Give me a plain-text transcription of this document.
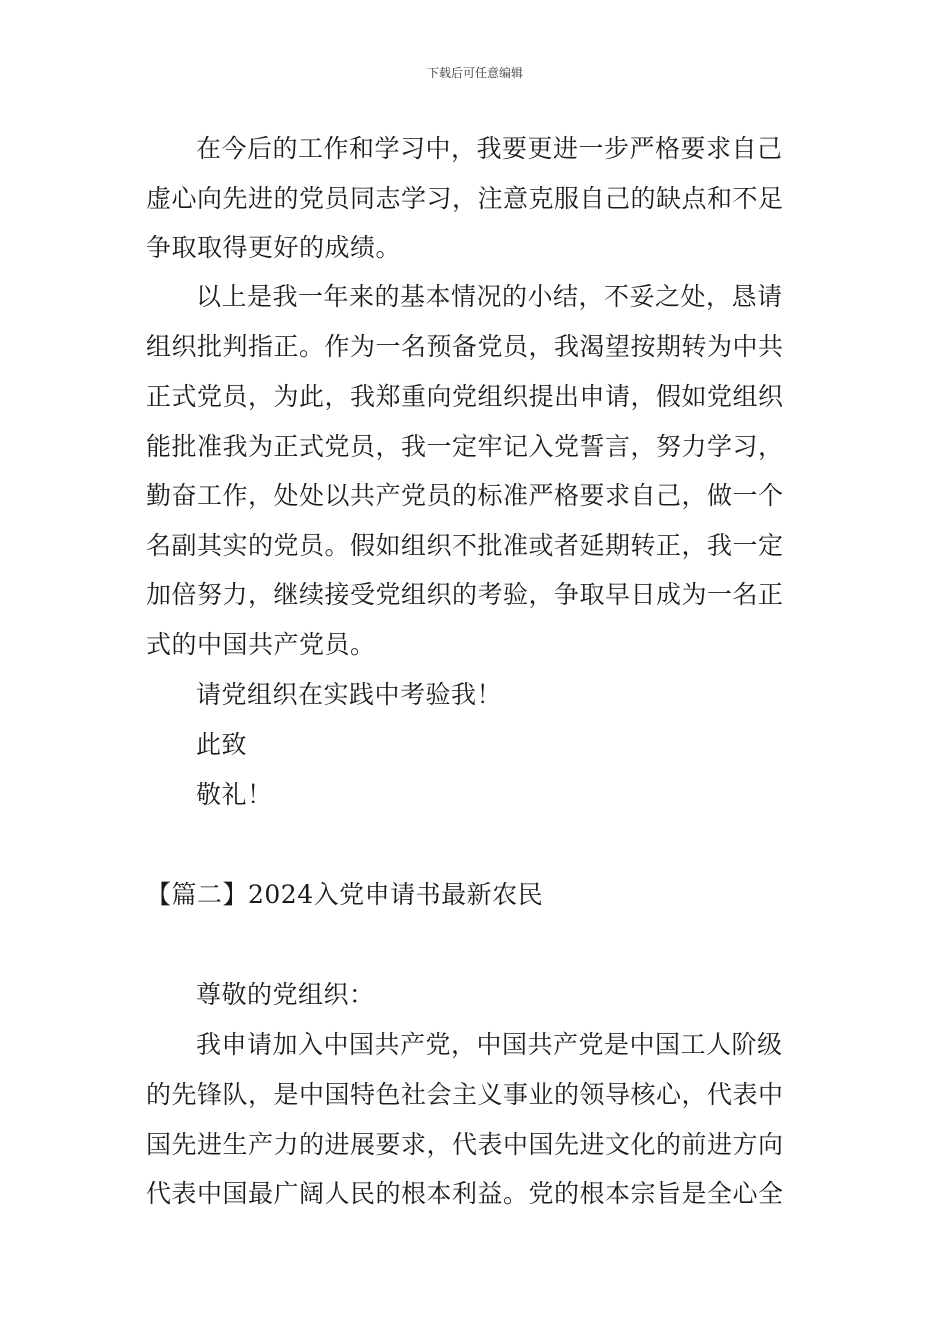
下载后可任意编辑
在今后的工作和学习中，我要更进一步严格要求自己
虚心向先进的党员同志学习，注意克服自己的缺点和不足
争取取得更好的成绩。
以上是我一年来的基本情况的小结，不妥之处，恳请
组织批判指正。作为一名预备党员，我渴望按期转为中共
正式党员，为此，我郑重向党组织提出申请，假如党组织
能批准我为正式党员，我一定牢记入党誓言，努力学习，
勤奋工作，处处以共产党员的标准严格要求自己，做一个
名副其实的党员。假如组织不批准或者延期转正，我一定
加倍努力，继续接受党组织的考验，争取早日成为一名正
式的中国共产党员。
请党组织在实践中考验我！
此致
敬礼！
【篇二】2024入党申请书最新农民
尊敬的党组织：
我申请加入中国共产党，中国共产党是中国工人阶级
的先锋队，是中国特色社会主义事业的领导核心，代表中
国先进生产力的进展要求，代表中国先进文化的前进方向
代表中国最广阔人民的根本利益。党的根本宗旨是全心全
